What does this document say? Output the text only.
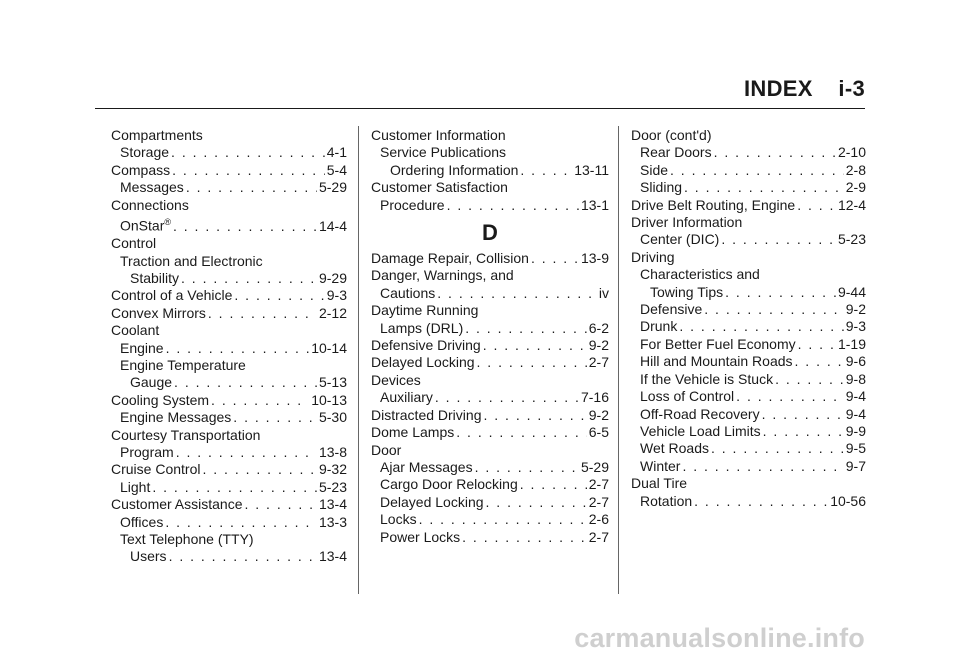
INDEX i-3
Compartments
Storage . . .	4-1
Compass . . .	5-4
Messages . . .	5-29
Connections
OnStar® . . .	14-4
Control
Traction and Electronic
Stability . . .	9-29
Control of a Vehicle . . .	9-3
Convex Mirrors . . .	2-12
Coolant
Engine . . .	10-14
Engine Temperature
Gauge . . .	5-13
Cooling System . . .	10-13
Engine Messages . . .	5-30
Courtesy Transportation
Program . . .	13-8
Cruise Control . . .	9-32
Light . . .	5-23
Customer Assistance . . .	13-4
Offices . . .	13-3
Text Telephone (TTY)
Users . . .	13-4
Customer Information
Service Publications
Ordering Information . . .	13-11
Customer Satisfaction
Procedure . . .	13-1
D
Damage Repair, Collision . . .	13-9
Danger, Warnings, and
Cautions . . .	iv
Daytime Running
Lamps (DRL) . . .	6-2
Defensive Driving . . .	9-2
Delayed Locking . . .	2-7
Devices
Auxiliary . . .	7-16
Distracted Driving . . .	9-2
Dome Lamps . . .	6-5
Door
Ajar Messages . . .	5-29
Cargo Door Relocking . . .	2-7
Delayed Locking . . .	2-7
Locks . . .	2-6
Power Locks . . .	2-7
Door (cont'd)
Rear Doors . . .	2-10
Side . . .	2-8
Sliding . . .	2-9
Drive Belt Routing, Engine . . .	12-4
Driver Information
Center (DIC) . . .	5-23
Driving
Characteristics and
Towing Tips . . .	9-44
Defensive . . .	9-2
Drunk . . .	9-3
For Better Fuel Economy . . .	1-19
Hill and Mountain Roads . . .	9-6
If the Vehicle is Stuck . . .	9-8
Loss of Control . . .	9-4
Off-Road Recovery . . .	9-4
Vehicle Load Limits . . .	9-9
Wet Roads . . .	9-5
Winter . . .	9-7
Dual Tire
Rotation . . .	10-56
carmanualsonline.info
